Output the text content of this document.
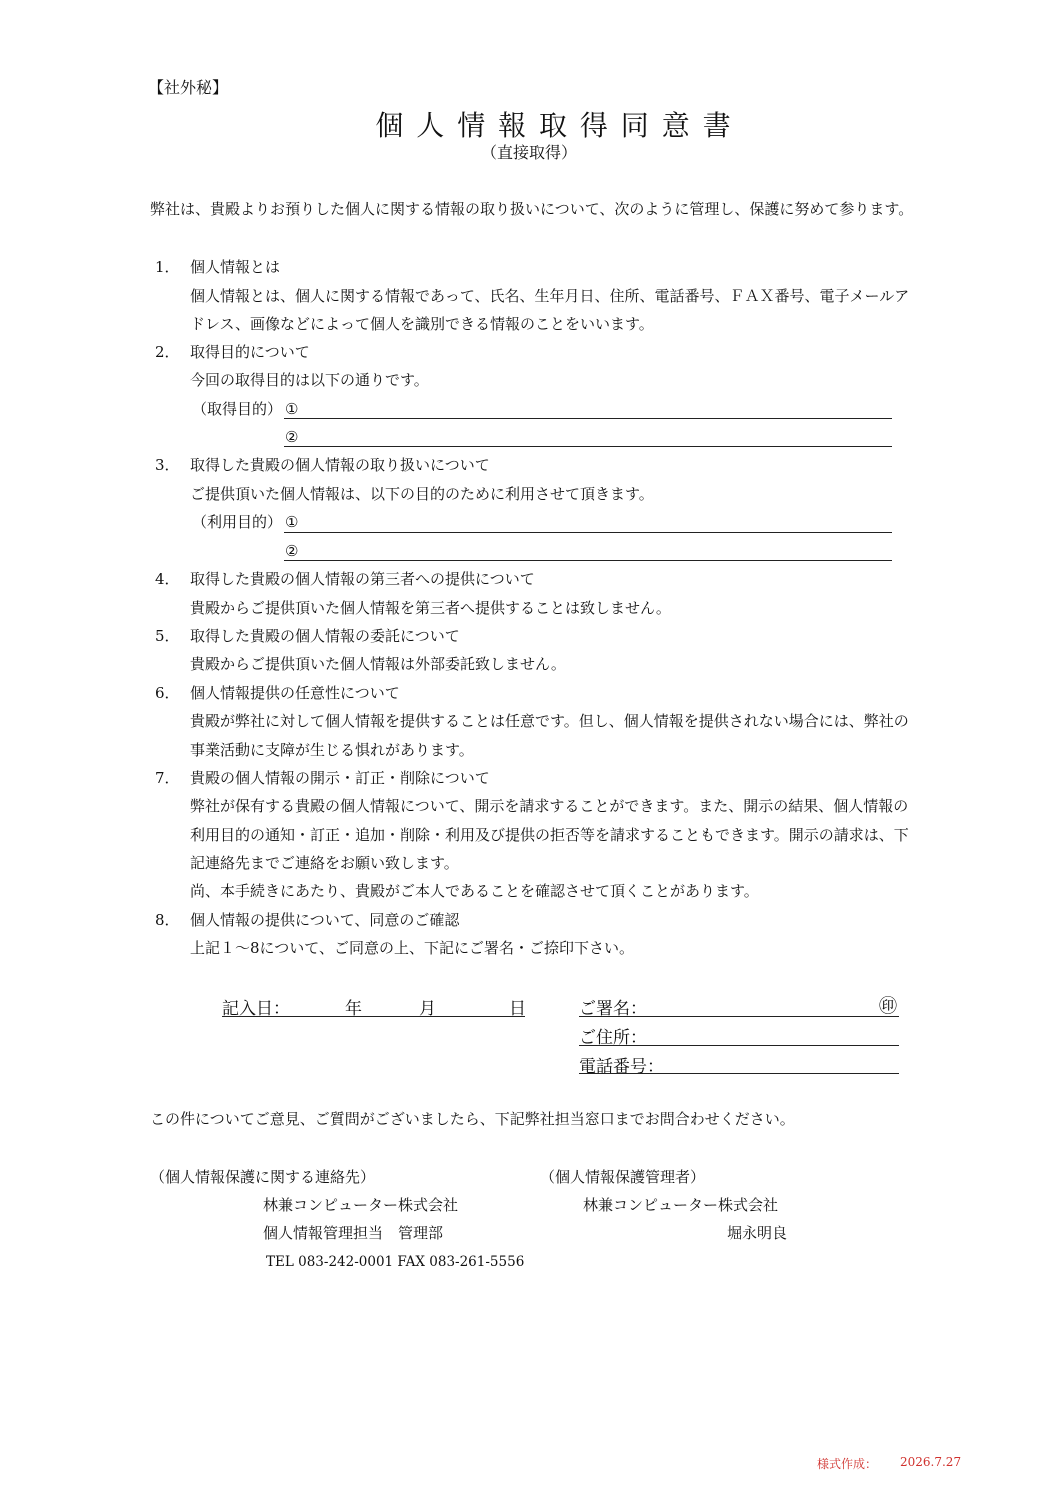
【社外秘】
個 人 情 報 取 得 同 意 書
（直接取得）
弊社は、貴殿よりお預りした個人に関する情報の取り扱いについて、次のように管理し、保護に努めて参ります。
1． 個人情報とは
個人情報とは、個人に関する情報であって、氏名、生年月日、住所、電話番号、ＦＡＸ番号、電子メールア
ドレス、画像などによって個人を識別できる情報のことをいいます。
2． 取得目的について
今回の取得目的は以下の通りです。
（取得目的） ①
②
3． 取得した貴殿の個人情報の取り扱いについて
ご提供頂いた個人情報は、以下の目的のために利用させて頂きます。
（利用目的） ①
②
4． 取得した貴殿の個人情報の第三者への提供について
貴殿からご提供頂いた個人情報を第三者へ提供することは致しません。
5． 取得した貴殿の個人情報の委託について
貴殿からご提供頂いた個人情報は外部委託致しません。
6． 個人情報提供の任意性について
貴殿が弊社に対して個人情報を提供することは任意です。但し、個人情報を提供されない場合には、弊社の
事業活動に支障が生じる惧れがあります。
7． 貴殿の個人情報の開示・訂正・削除について
弊社が保有する貴殿の個人情報について、開示を請求することができます。また、開示の結果、個人情報の
利用目的の通知・訂正・追加・削除・利用及び提供の拒否等を請求することもできます。開示の請求は、下
記連絡先までご連絡をお願い致します。
尚、本手続きにあたり、貴殿がご本人であることを確認させて頂くことがあります。
8． 個人情報の提供について、同意のご確認
上記１～8について、ご同意の上、下記にご署名・ご捺印下さい。
記入日：	年	月	日	ご署名：	㊞
ご住所：
電話番号：
この件についてご意見、ご質問がございましたら、下記弊社担当窓口までお問合わせください。
（個人情報保護に関する連絡先）
林兼コンピューター株式会社
個人情報管理担当　管理部
TEL 083-242-0001 FAX 083-261-5556
（個人情報保護管理者）
林兼コンピューター株式会社
堀永明良
様式作成： 2026.7.27
